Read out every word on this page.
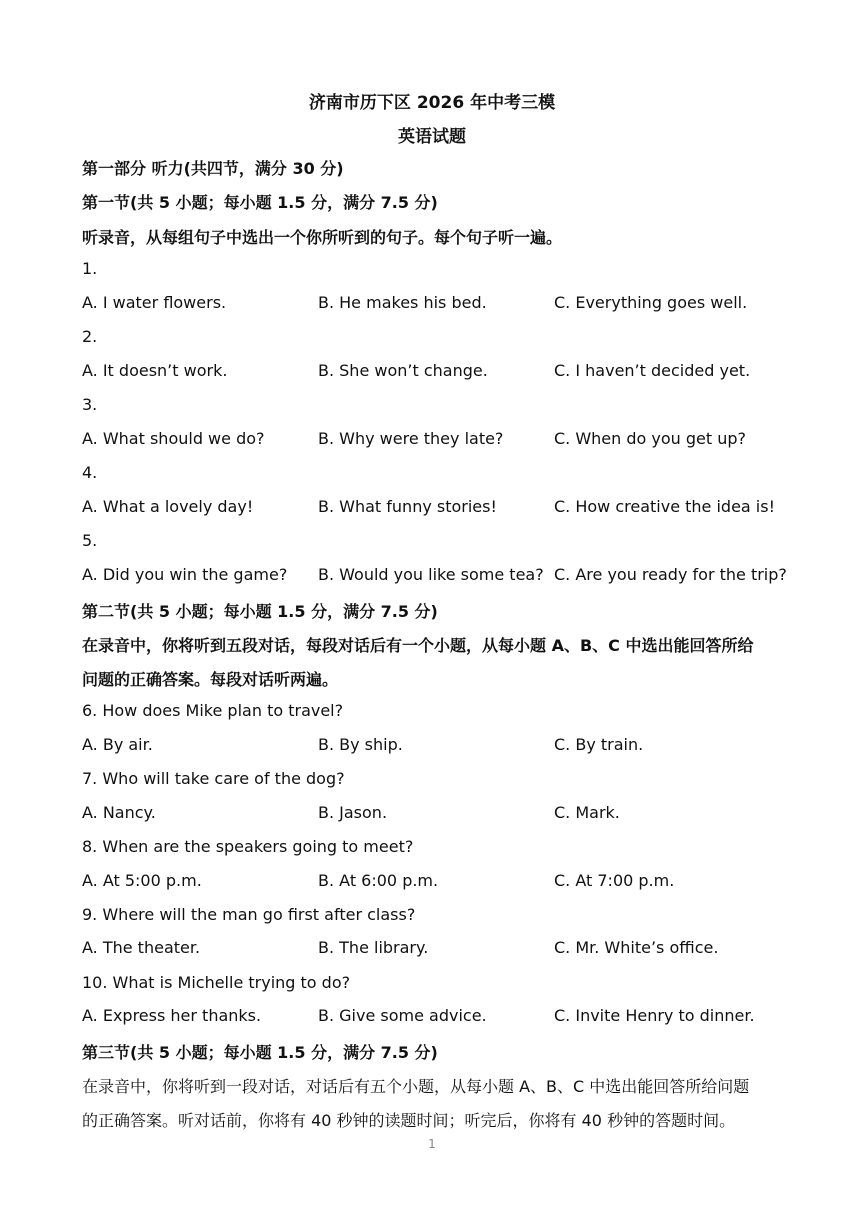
济南市历下区 2026 年中考三模
英语试题
第一部分 听力(共四节，满分 30 分)
第一节(共 5 小题；每小题 1.5 分，满分 7.5 分)
听录音，从每组句子中选出一个你所听到的句子。每个句子听一遍。
1.
A. I water flowers.	B. He makes his bed.	C. Everything goes well.
2.
A. It doesn’t work.	B. She won’t change.	C. I haven’t decided yet.
3.
A. What should we do?	B. Why were they late?	C. When do you get up?
4.
A. What a lovely day!	B. What funny stories!	C. How creative the idea is!
5.
A. Did you win the game? B. Would you like some tea? C. Are you ready for the trip?
第二节(共 5 小题；每小题 1.5 分，满分 7.5 分)
在录音中，你将听到五段对话，每段对话后有一个小题，从每小题 A、B、C 中选出能回答所给
问题的正确答案。每段对话听两遍。
6. How does Mike plan to travel?
A. By air.	B. By ship.	C. By train.
7. Who will take care of the dog?
A. Nancy.	B. Jason.	C. Mark.
8. When are the speakers going to meet?
A. At 5:00 p.m.	B. At 6:00 p.m.	C. At 7:00 p.m.
9. Where will the man go first after class?
A. The theater.	B. The library.	C. Mr. White’s office.
10. What is Michelle trying to do?
A. Express her thanks.	B. Give some advice.	C. Invite Henry to dinner.
第三节(共 5 小题；每小题 1.5 分，满分 7.5 分)
在录音中，你将听到一段对话，对话后有五个小题，从每小题 A、B、C 中选出能回答所给问题
的正确答案。听对话前，你将有 40 秒钟的读题时间；听完后，你将有 40 秒钟的答题时间。
1
